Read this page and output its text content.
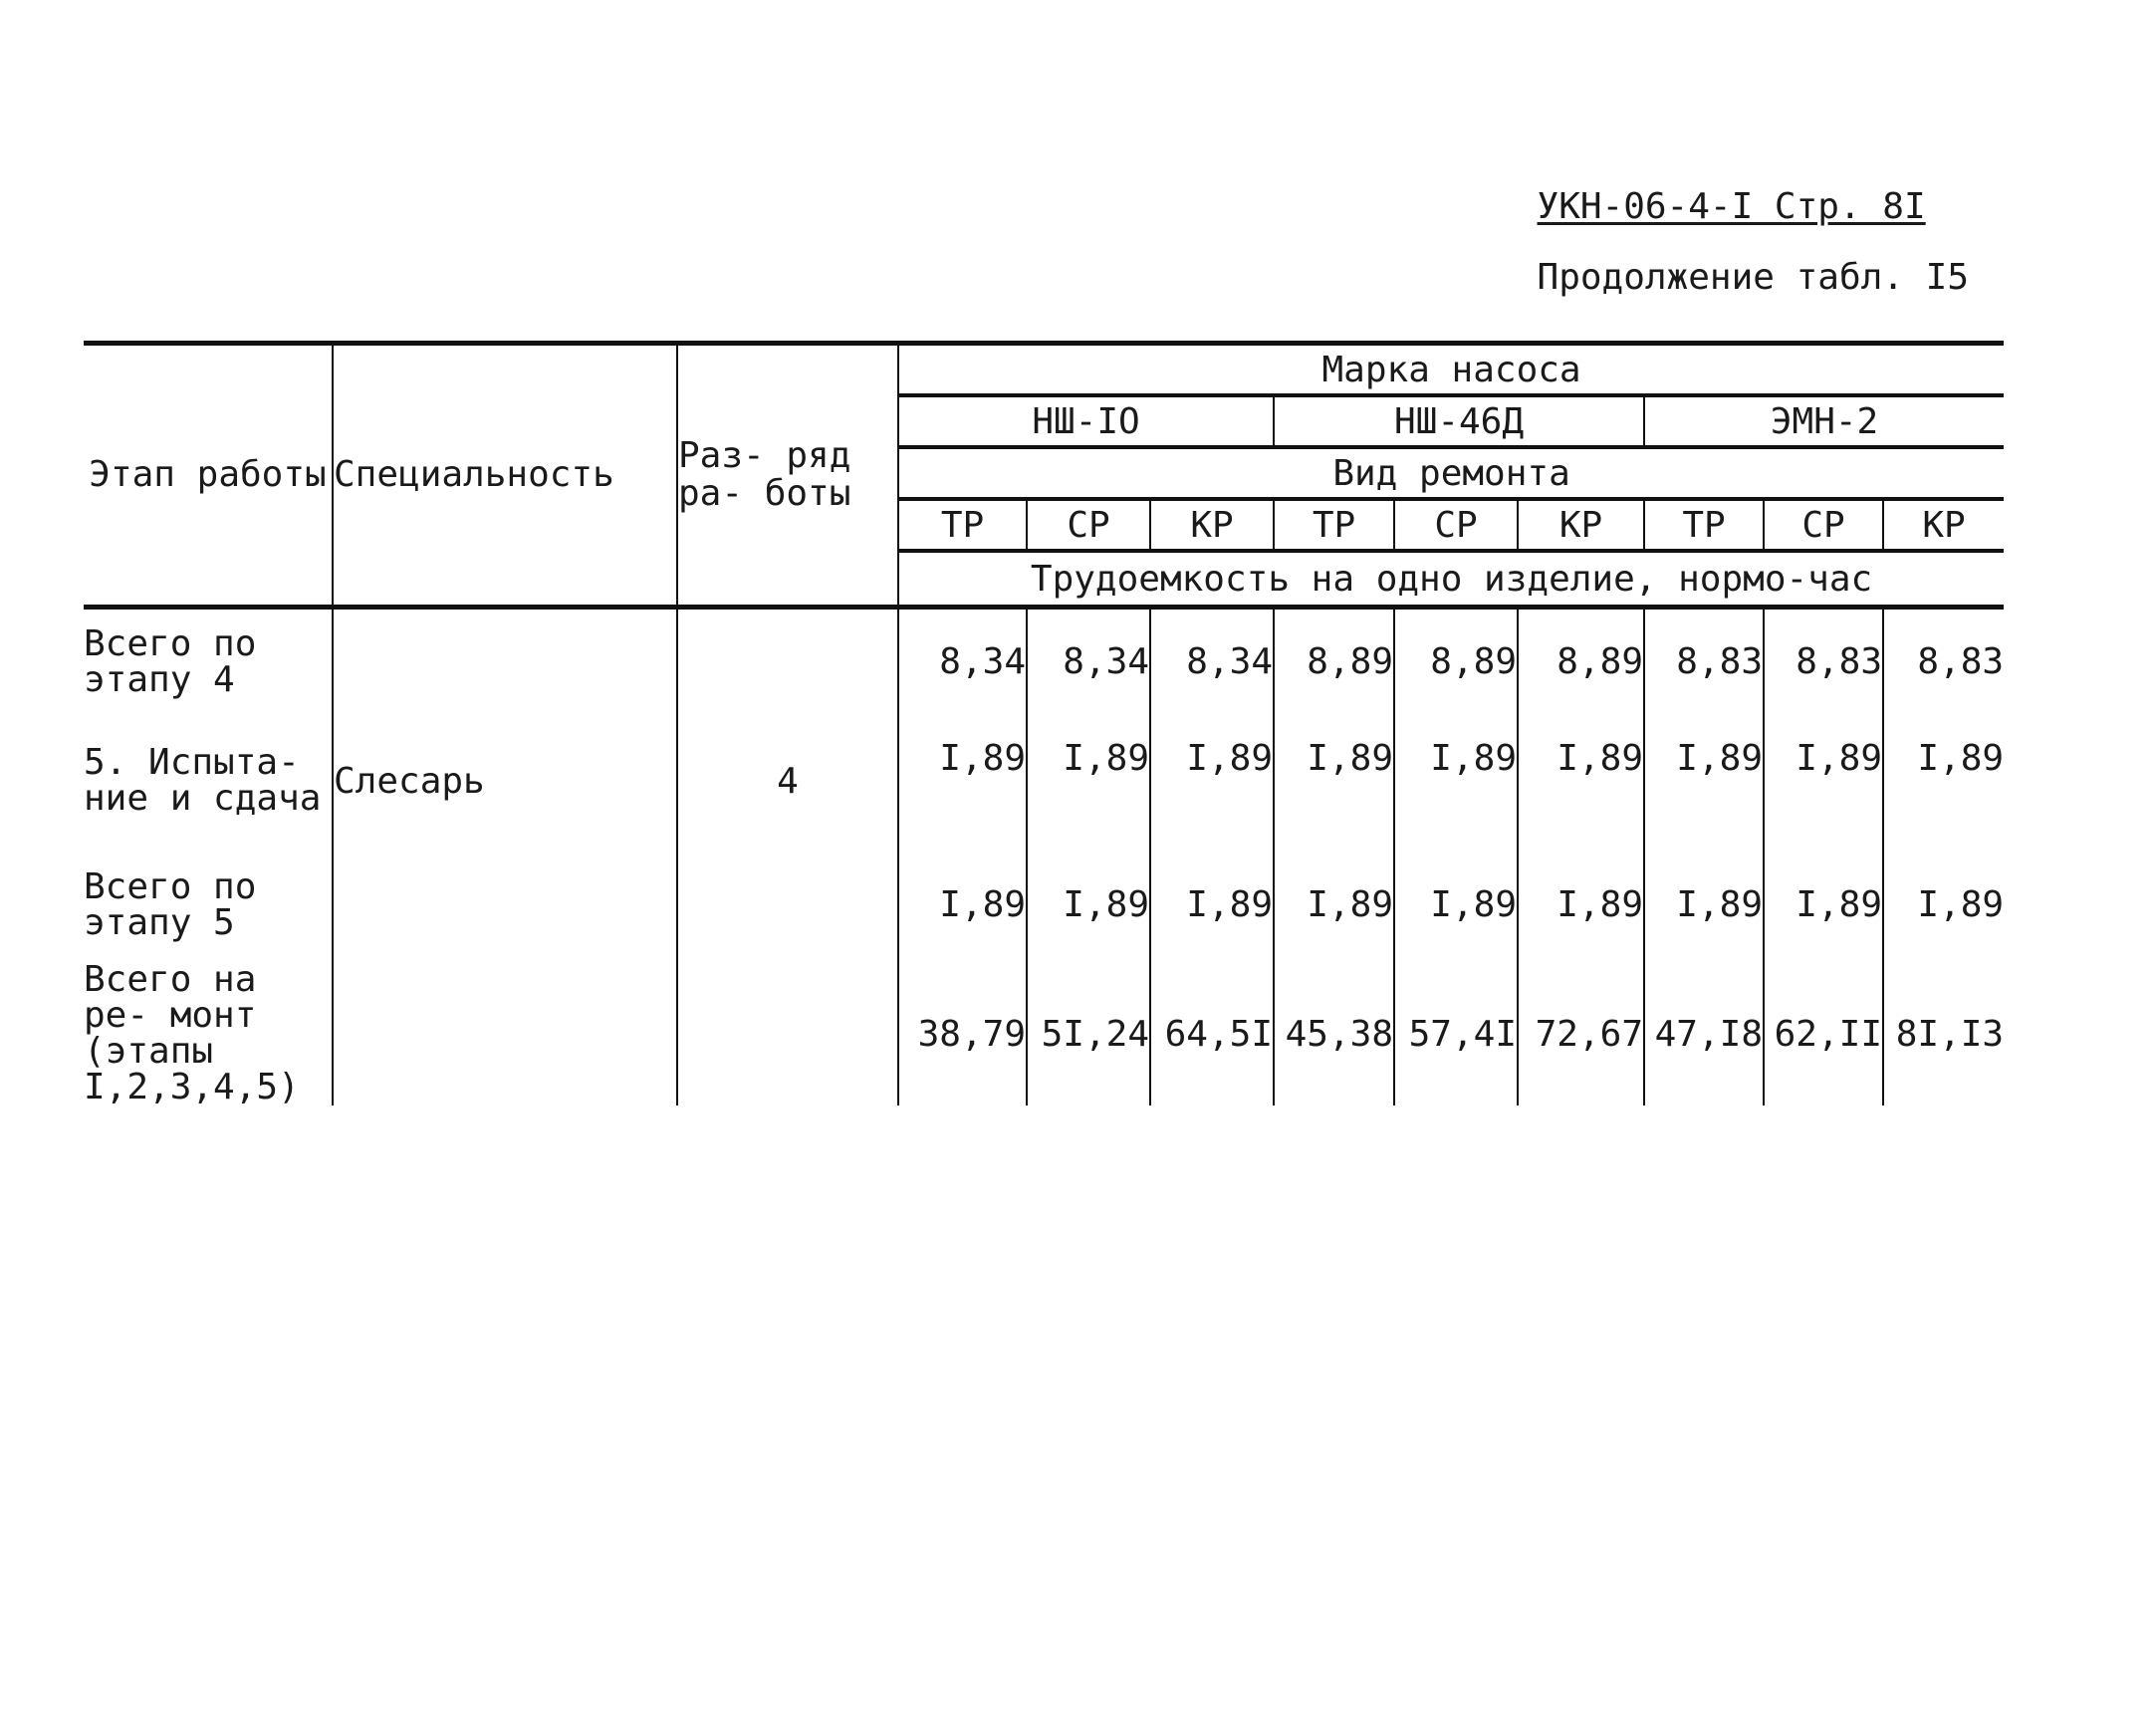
УКН-06-4-I Стр. 8I
Продолжение табл. I5
Этап работы	Специальность	Раз- ряд ра- боты	Марка насоса								
			НШ-IO			НШ-46Д			ЭМН-2		
			Вид ремонта								
			ТР	СР	КР	ТР	СР	КР	ТР	СР	КР
			Трудоемкость на одно изделие, нормо-час								
Всего по этапу 4			8,34	8,34	8,34	8,89	8,89	8,89	8,83	8,83	8,83
5. Испыта- ние и сдача	Слесарь	4	I,89	I,89	I,89	I,89	I,89	I,89	I,89	I,89	I,89
Всего по этапу 5			I,89	I,89	I,89	I,89	I,89	I,89	I,89	I,89	I,89
Всего на ре- монт (этапы I,2,3,4,5)			38,79	5I,24	64,5I	45,38	57,4I	72,67	47,I8	62,II	8I,I3
